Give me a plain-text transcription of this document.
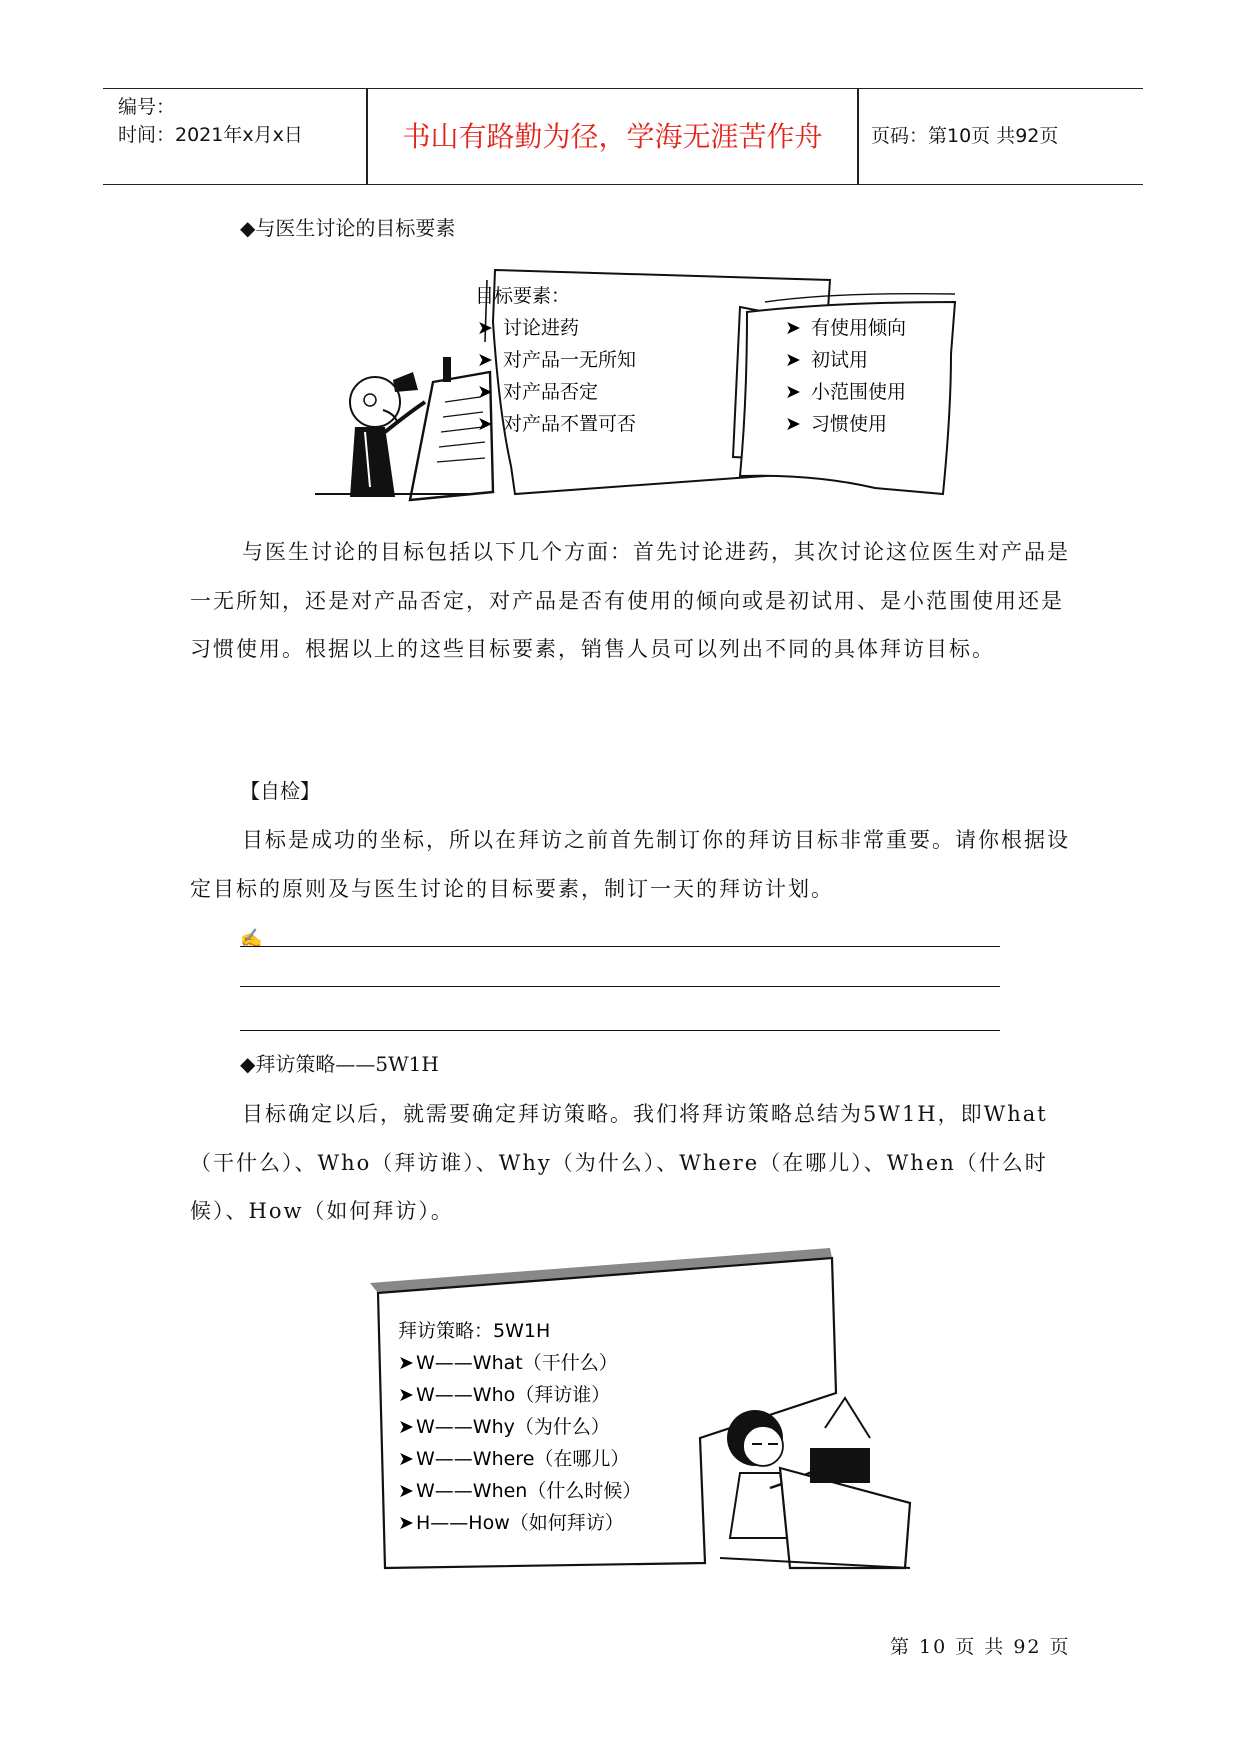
编号：
时间：2021年x月x日	书山有路勤为径，学海无涯苦作舟	页码：第10页 共92页
◆与医生讨论的目标要素
目标要素：
➤ 讨论进药
➤ 对产品一无所知
➤ 对产品否定
➤ 对产品不置可否
➤ 有使用倾向
➤ 初试用
➤ 小范围使用
➤ 习惯使用

与医生讨论的目标包括以下几个方面：首先讨论进药，其次讨论这位医生对产品是一无所知，还是对产品否定，对产品是否有使用的倾向或是初试用、是小范围使用还是习惯使用。根据以上的这些目标要素，销售人员可以列出不同的具体拜访目标。

【自检】

目标是成功的坐标，所以在拜访之前首先制订你的拜访目标非常重要。请你根据设定目标的原则及与医生讨论的目标要素，制订一天的拜访计划。

✍
◆拜访策略——5W1H

目标确定以后，就需要确定拜访策略。我们将拜访策略总结为5W1H，即What（干什么）、Who（拜访谁）、Why（为什么）、Where（在哪儿）、When（什么时候）、How（如何拜访）。

拜访策略：5W1H
➤ W——What（干什么）
➤ W——Who（拜访谁）
➤ W——Why（为什么）
➤ W——Where（在哪儿）
➤ W——When（什么时候）
➤ H——How（如何拜访）
第 10 页 共 92 页
